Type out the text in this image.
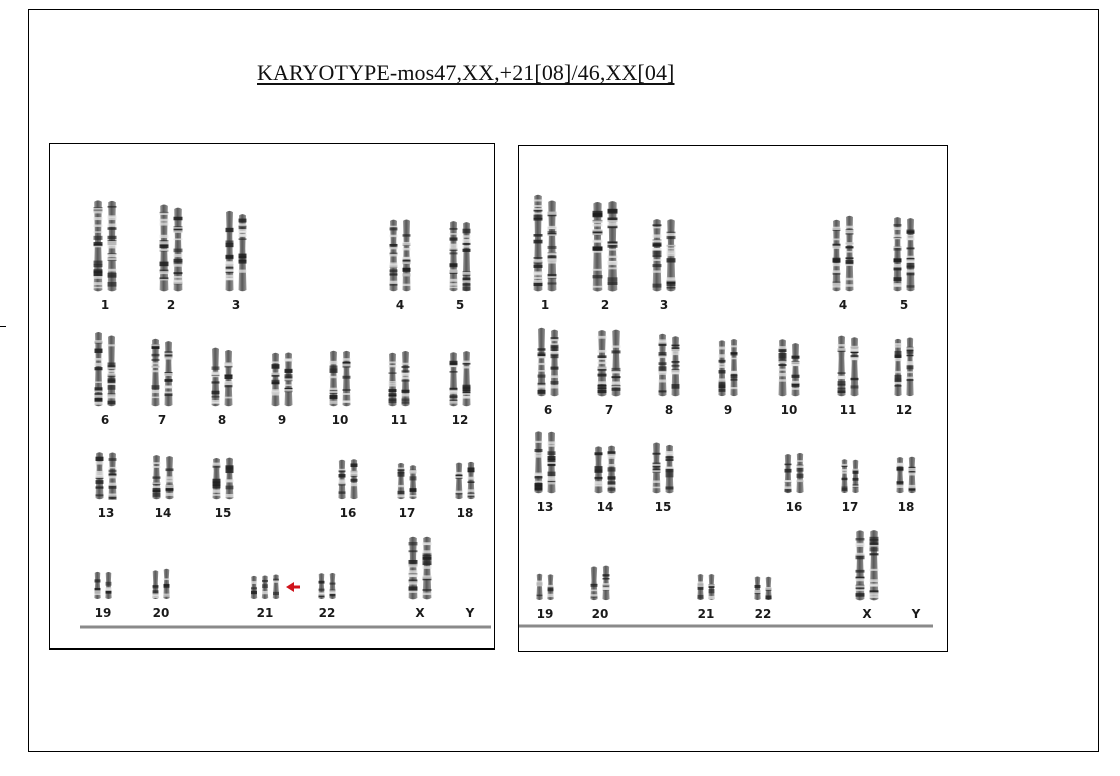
KARYOTYPE-mos47,XX,+21[08]/46,XX[04]
1	2	3	4	5
6	7	8	9	10	11	12
13	14	15	16	17	18
19	20	21	22	X	Y
1	2	3	4	5
6	7	8	9	10	11	12
13	14	15	16	17	18
19	20	21	22	X	Y
